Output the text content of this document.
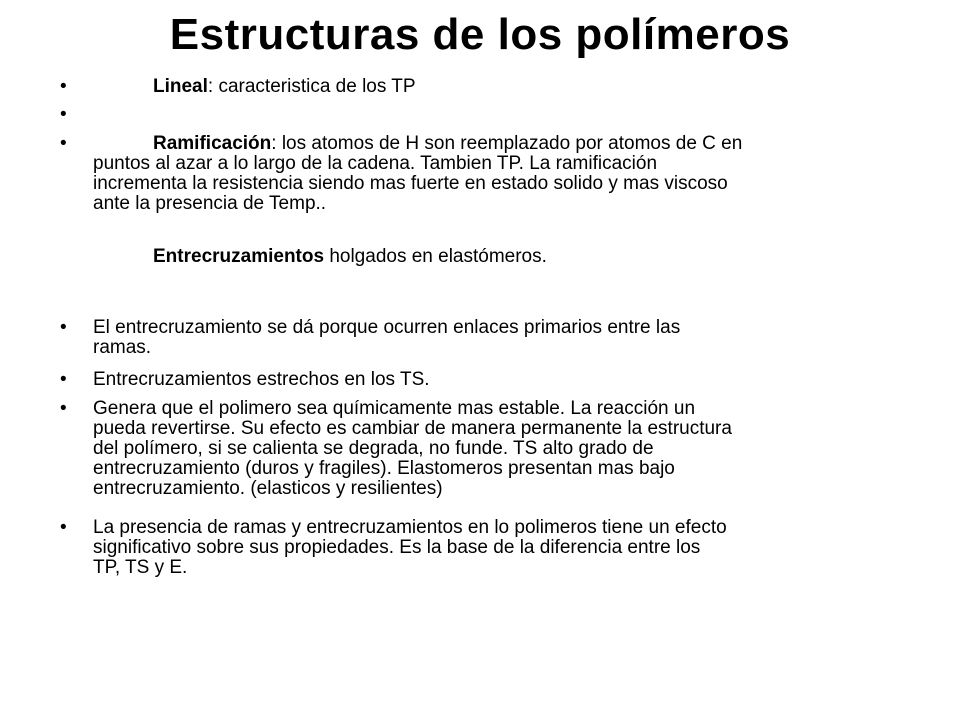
Estructuras de los polímeros
•	Lineal: caracteristica de los TP
•
•	Ramificación: los atomos de H son reemplazado por atomos de C en
puntos al azar a lo largo de la cadena. Tambien TP. La ramificación
incrementa la resistencia siendo mas fuerte en estado solido y mas viscoso
ante la presencia de Temp..
Entrecruzamientos holgados en elastómeros.
•	El entrecruzamiento se dá porque ocurren enlaces primarios entre las
ramas.
•	Entrecruzamientos estrechos en los TS.
•	Genera que el polimero sea químicamente mas estable. La reacción un
pueda revertirse. Su efecto es cambiar de manera permanente la estructura
del polímero, si se calienta se degrada, no funde. TS alto grado de
entrecruzamiento (duros y fragiles). Elastomeros presentan mas bajo
entrecruzamiento. (elasticos y resilientes)
•	La presencia de ramas y entrecruzamientos en lo polimeros tiene un efecto
significativo sobre sus propiedades. Es la base de la diferencia entre los
TP, TS y E.
